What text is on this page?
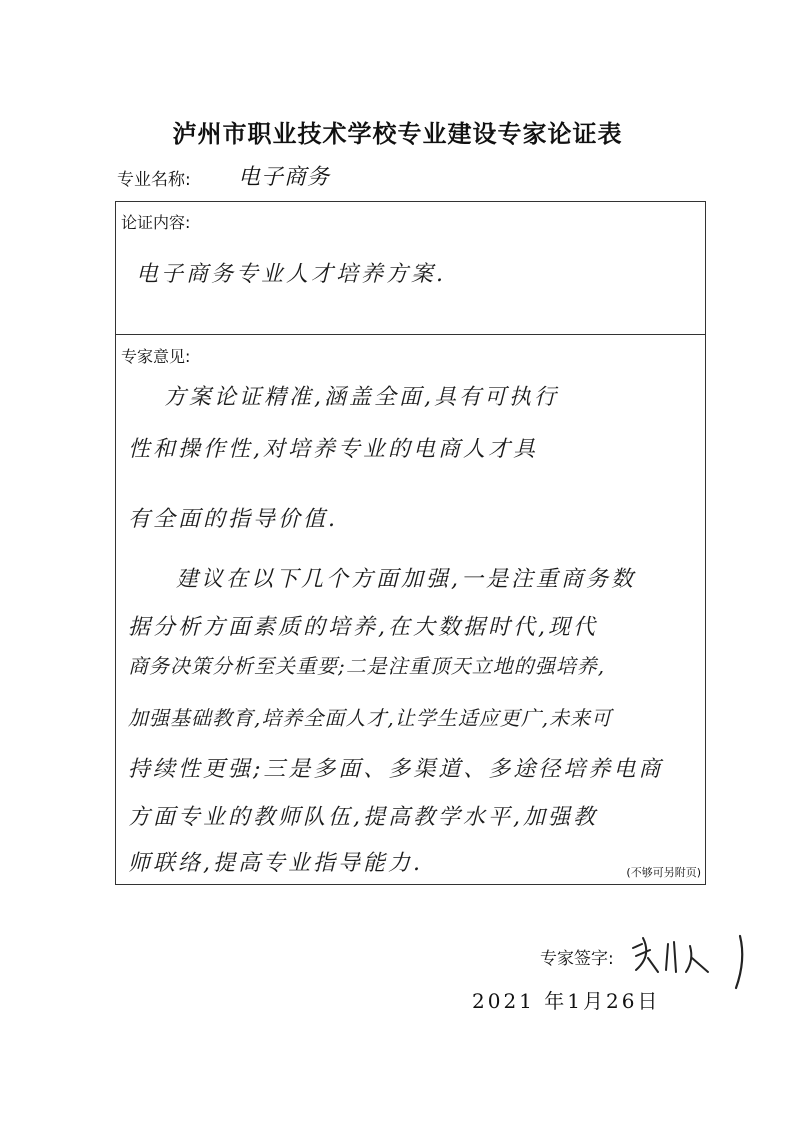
泸州市职业技术学校专业建设专家论证表
专业名称: 电子商务
论证内容:
电子商务专业人才培养方案.
专家意见:
方案论证精准,涵盖全面,具有可执行
性和操作性,对培养专业的电商人才具
有全面的指导价值.
建议在以下几个方面加强,一是注重商务数
据分析方面素质的培养,在大数据时代,现代
商务决策分析至关重要;二是注重顶天立地的强培养,
加强基础教育,培养全面人才,让学生适应更广,未来可
持续性更强;三是多面、多渠道、多途径培养电商
方面专业的教师队伍,提高教学水平,加强教
师联络,提高专业指导能力.	(不够可另附页)
专家签字:
2021 年1月26日
